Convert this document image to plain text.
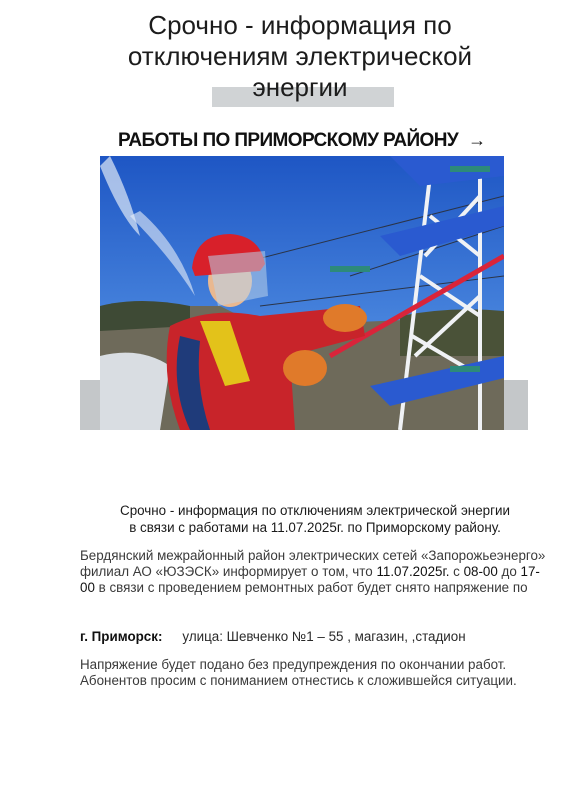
Срочно - информация по отключениям электрической энергии
РАБОТЫ ПО ПРИМОРСКОМУ РАЙОНУ →
Срочно - информация по отключениям электрической энергии
в связи с работами на 11.07.2025г. по Приморскому району.
Бердянский межрайонный район электрических сетей «Запорожьеэнерго» филиал АО «ЮЗЭСК» информирует о том, что 11.07.2025г. с 08-00 до 17-00 в связи с проведением ремонтных работ будет снято напряжение по
г. Приморск: улица: Шевченко №1 – 55 , магазин, ,стадион
Напряжение будет подано без предупреждения по окончании работ. Абонентов просим с пониманием отнестись к сложившейся ситуации.
